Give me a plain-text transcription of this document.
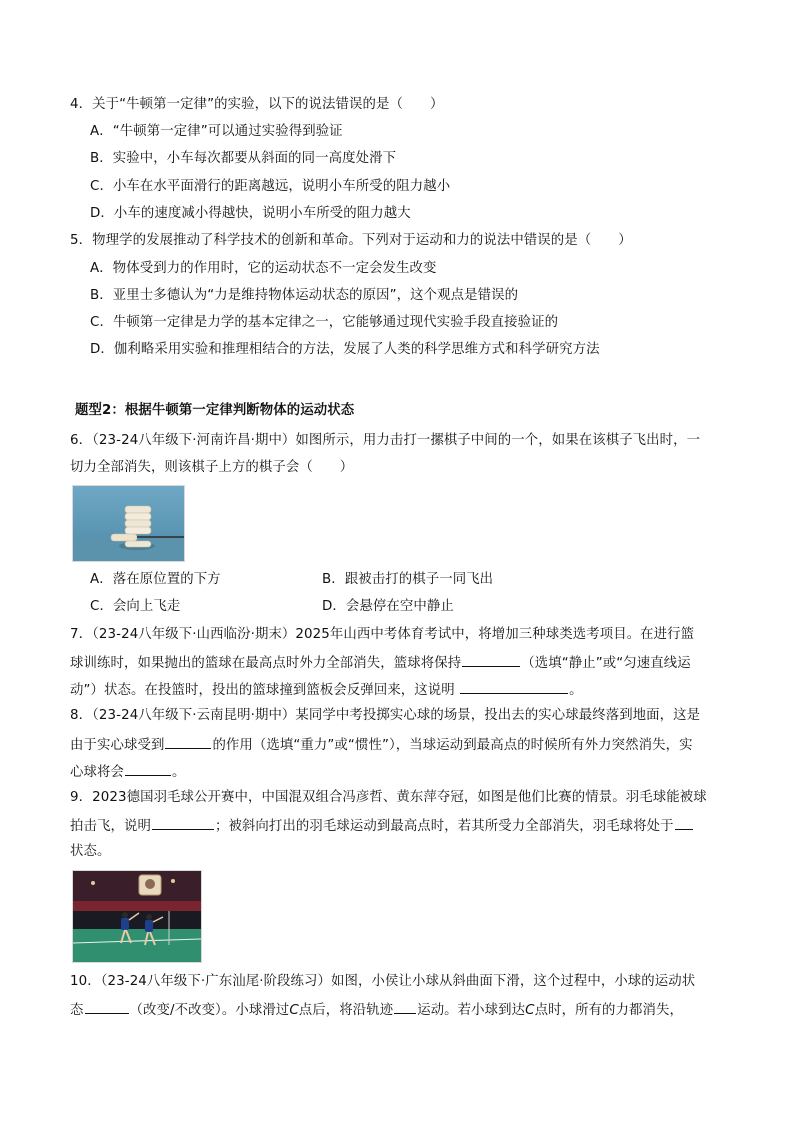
4．关于“牛顿第一定律”的实验，以下的说法错误的是（　　）
A．“牛顿第一定律”可以通过实验得到验证
B．实验中，小车每次都要从斜面的同一高度处滑下
C．小车在水平面滑行的距离越远，说明小车所受的阻力越小
D．小车的速度减小得越快，说明小车所受的阻力越大
5．物理学的发展推动了科学技术的创新和革命。下列对于运动和力的说法中错误的是（　　）
A．物体受到力的作用时，它的运动状态不一定会发生改变
B．亚里士多德认为“力是维持物体运动状态的原因”，这个观点是错误的
C．牛顿第一定律是力学的基本定律之一，它能够通过现代实验手段直接验证的
D．伽利略采用实验和推理相结合的方法，发展了人类的科学思维方式和科学研究方法
题型2：根据牛顿第一定律判断物体的运动状态
6．（23-24八年级下·河南许昌·期中）如图所示，用力击打一摞棋子中间的一个，如果在该棋子飞出时，一
切力全部消失，则该棋子上方的棋子会（　　）
A．落在原位置的下方	B．跟被击打的棋子一同飞出
C．会向上飞走	D．会悬停在空中静止
7．（23-24八年级下·山西临汾·期末）2025年山西中考体育考试中，将增加三种球类选考项目。在进行篮
球训练时，如果抛出的篮球在最高点时外力全部消失，篮球将保持	（选填“静止”或“匀速直线运
动”）状态。在投篮时，投出的篮球撞到篮板会反弹回来，这说明	。
8．（23-24八年级下·云南昆明·期中）某同学中考投掷实心球的场景，投出去的实心球最终落到地面，这是
由于实心球受到	的作用（选填“重力”或“惯性”），当球运动到最高点的时候所有外力突然消失，实
心球将会	。
9．2023德国羽毛球公开赛中，中国混双组合冯彦哲、黄东萍夺冠，如图是他们比赛的情景。羽毛球能被球
拍击飞，说明	；被斜向打出的羽毛球运动到最高点时，若其所受力全部消失，羽毛球将处于
状态。
10．（23-24八年级下·广东汕尾·阶段练习）如图，小侯让小球从斜曲面下滑，这个过程中，小球的运动状
态	（改变/不改变）。小球滑过C点后，将沿轨迹 运动。若小球到达C点时，所有的力都消失，
